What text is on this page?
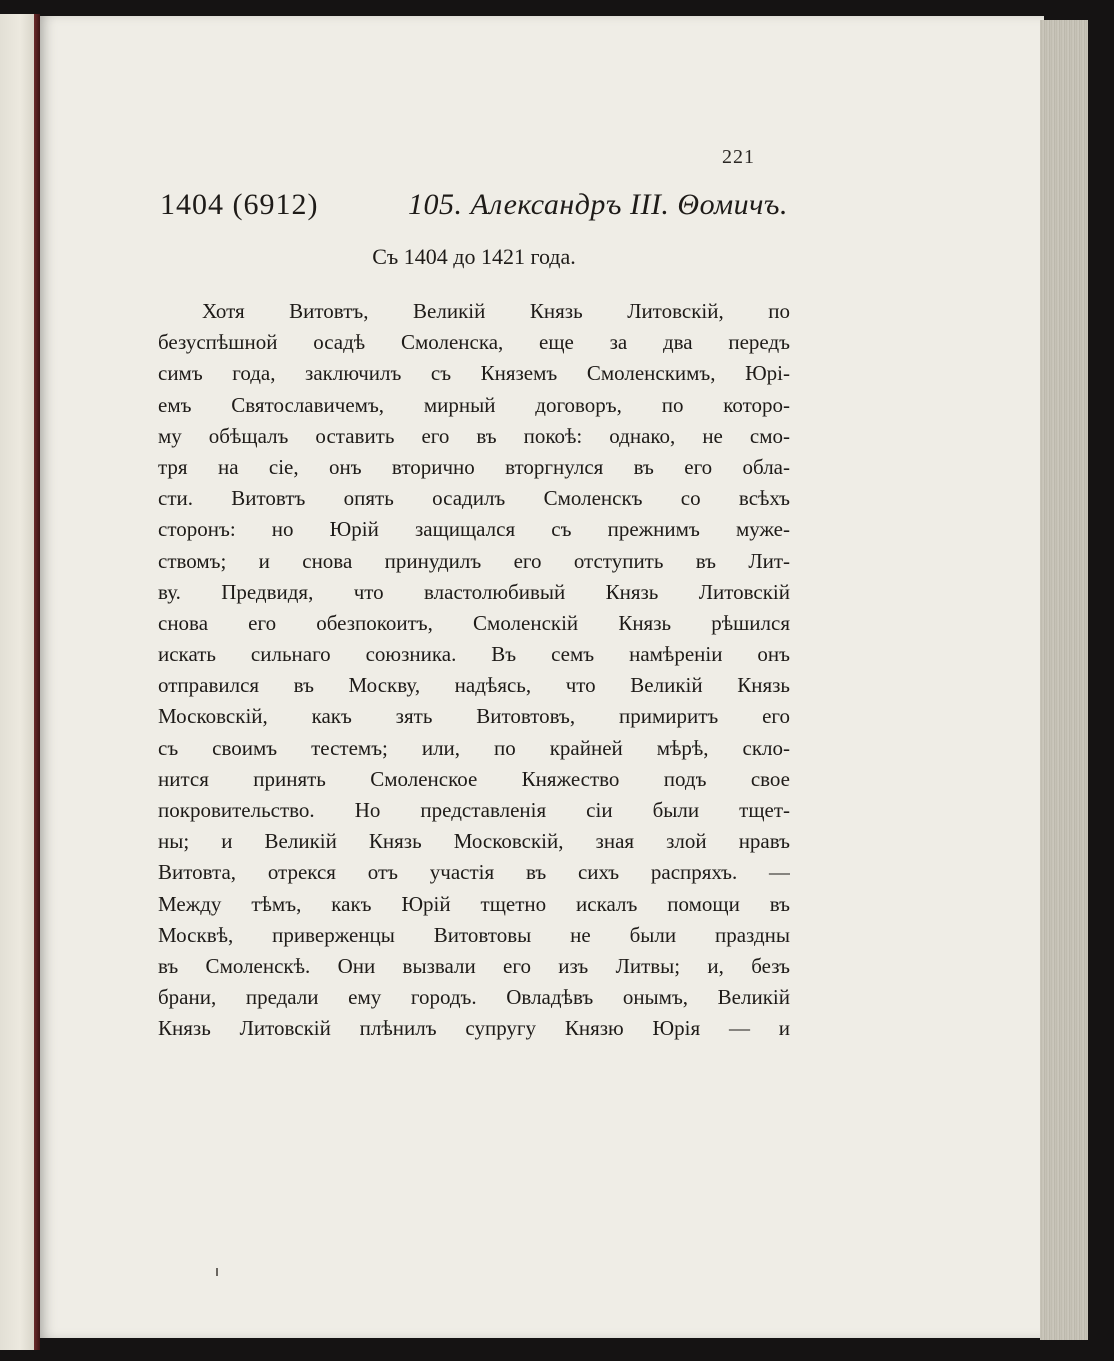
221
1404 (6912)	105. Александръ III. Θомичъ.
Съ 1404 до 1421 года.
Хотя Витовтъ, Великій Князь Литовскій, по
безуспѣшной осадѣ Смоленска, еще за два передъ
симъ года, заключилъ съ Княземъ Смоленскимъ, Юрі-
емъ Святославичемъ, мирный договоръ, по которо-
му обѣщалъ оставить его въ покоѣ: однако, не смо-
тря на сіе, онъ вторично вторгнулся въ его обла-
сти. Витовтъ опять осадилъ Смоленскъ со всѣхъ
сторонъ: но Юрій защищался съ прежнимъ муже-
ствомъ; и снова принудилъ его отступить въ Лит-
ву. Предвидя, что властолюбивый Князь Литовскій
снова его обезпокоитъ, Смоленскій Князь рѣшился
искать сильнаго союзника. Въ семъ намѣреніи онъ
отправился въ Москву, надѣясь, что Великій Князь
Московскій, какъ зять Витовтовъ, примиритъ его
съ своимъ тестемъ; или, по крайней мѣрѣ, скло-
нится принять Смоленское Княжество подъ свое
покровительство. Но представленія сіи были тщет-
ны; и Великій Князь Московскій, зная злой нравъ
Витовта, отрекся отъ участія въ сихъ распряхъ. —
Между тѣмъ, какъ Юрій тщетно искалъ помощи въ
Москвѣ, приверженцы Витовтовы не были праздны
въ Смоленскѣ. Они вызвали его изъ Литвы; и, безъ
брани, предали ему городъ. Овладѣвъ онымъ, Великій
Князь Литовскій плѣнилъ супругу Князю Юрія — и
